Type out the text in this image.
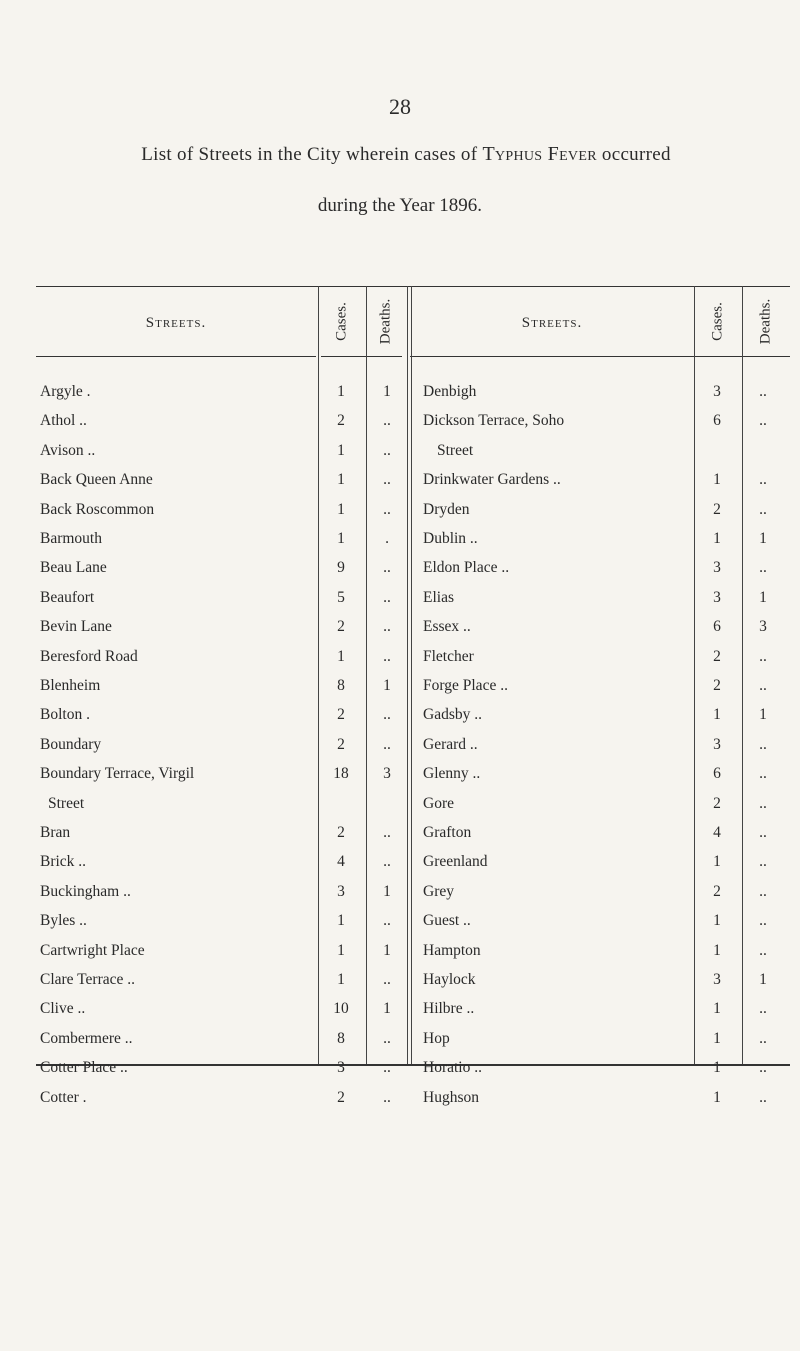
28
List of Streets in the City wherein cases of Typhus Fever occurred
during the Year 1896.
Streets.	Cases. Deaths.	Streets.	Cases. Deaths.
Argyle .	1	1
Athol ..	2	..
Avison ..	1	..
Back Queen Anne	1	..
Back Roscommon	1	..
Barmouth	1	.
Beau Lane	9	..
Beaufort	5	..
Bevin Lane	2	..
Beresford Road	1	..
Blenheim	8	1
Bolton .	2	..
Boundary	2	..
Boundary Terrace, Virgil	18	3
Street
Bran	2	..
Brick ..	4	..
Buckingham ..	3	1
Byles ..	1	..
Cartwright Place	1	1
Clare Terrace ..	1	..
Clive ..	10	1
Combermere ..	8	..
Cotter Place ..	3	..
Cotter .	2	..
Denbigh	3	..
Dickson Terrace, Soho	6	..
Street
Drinkwater Gardens ..	1	..
Dryden	2	..
Dublin ..	1	1
Eldon Place ..	3	..
Elias	3	1
Essex ..	6	3
Fletcher	2	..
Forge Place ..	2	..
Gadsby ..	1	1
Gerard ..	3	..
Glenny ..	6	..
Gore	2	..
Grafton	4	..
Greenland	1	..
Grey	2	..
Guest ..	1	..
Hampton	1	..
Haylock	3	1
Hilbre ..	1	..
Hop	1	..
Horatio ..	1	..
Hughson	1	..
